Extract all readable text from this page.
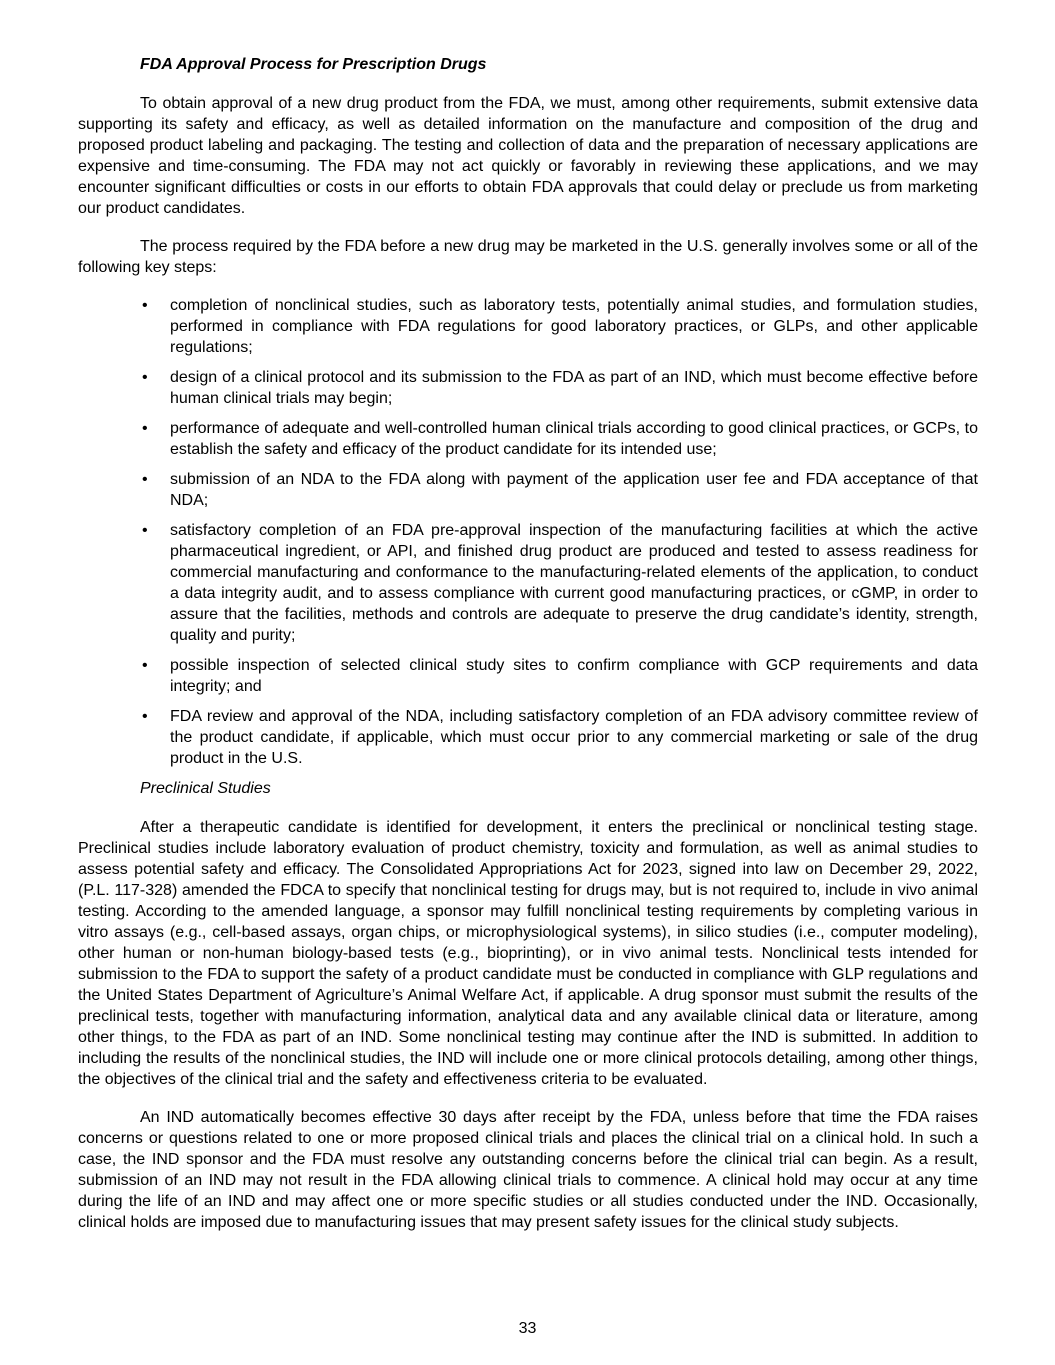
FDA Approval Process for Prescription Drugs

To obtain approval of a new drug product from the FDA, we must, among other requirements, submit extensive data supporting its safety and efficacy, as well as detailed information on the manufacture and composition of the drug and proposed product labeling and packaging. The testing and collection of data and the preparation of necessary applications are expensive and time-consuming. The FDA may not act quickly or favorably in reviewing these applications, and we may encounter significant difficulties or costs in our efforts to obtain FDA approvals that could delay or preclude us from marketing our product candidates.

The process required by the FDA before a new drug may be marketed in the U.S. generally involves some or all of the following key steps:

• completion of nonclinical studies, such as laboratory tests, potentially animal studies, and formulation studies, performed in compliance with FDA regulations for good laboratory practices, or GLPs, and other applicable regulations;
• design of a clinical protocol and its submission to the FDA as part of an IND, which must become effective before human clinical trials may begin;
• performance of adequate and well-controlled human clinical trials according to good clinical practices, or GCPs, to establish the safety and efficacy of the product candidate for its intended use;
• submission of an NDA to the FDA along with payment of the application user fee and FDA acceptance of that NDA;
• satisfactory completion of an FDA pre-approval inspection of the manufacturing facilities at which the active pharmaceutical ingredient, or API, and finished drug product are produced and tested to assess readiness for commercial manufacturing and conformance to the manufacturing-related elements of the application, to conduct a data integrity audit, and to assess compliance with current good manufacturing practices, or cGMP, in order to assure that the facilities, methods and controls are adequate to preserve the drug candidate’s identity, strength, quality and purity;
• possible inspection of selected clinical study sites to confirm compliance with GCP requirements and data integrity; and
• FDA review and approval of the NDA, including satisfactory completion of an FDA advisory committee review of the product candidate, if applicable, which must occur prior to any commercial marketing or sale of the drug product in the U.S.
Preclinical Studies

After a therapeutic candidate is identified for development, it enters the preclinical or nonclinical testing stage. Preclinical studies include laboratory evaluation of product chemistry, toxicity and formulation, as well as animal studies to assess potential safety and efficacy. The Consolidated Appropriations Act for 2023, signed into law on December 29, 2022, (P.L. 117-328) amended the FDCA to specify that nonclinical testing for drugs may, but is not required to, include in vivo animal testing. According to the amended language, a sponsor may fulfill nonclinical testing requirements by completing various in vitro assays (e.g., cell-based assays, organ chips, or microphysiological systems), in silico studies (i.e., computer modeling), other human or non-human biology-based tests (e.g., bioprinting), or in vivo animal tests. Nonclinical tests intended for submission to the FDA to support the safety of a product candidate must be conducted in compliance with GLP regulations and the United States Department of Agriculture’s Animal Welfare Act, if applicable. A drug sponsor must submit the results of the preclinical tests, together with manufacturing information, analytical data and any available clinical data or literature, among other things, to the FDA as part of an IND. Some nonclinical testing may continue after the IND is submitted. In addition to including the results of the nonclinical studies, the IND will include one or more clinical protocols detailing, among other things, the objectives of the clinical trial and the safety and effectiveness criteria to be evaluated.

An IND automatically becomes effective 30 days after receipt by the FDA, unless before that time the FDA raises concerns or questions related to one or more proposed clinical trials and places the clinical trial on a clinical hold. In such a case, the IND sponsor and the FDA must resolve any outstanding concerns before the clinical trial can begin. As a result, submission of an IND may not result in the FDA allowing clinical trials to commence. A clinical hold may occur at any time during the life of an IND and may affect one or more specific studies or all studies conducted under the IND. Occasionally, clinical holds are imposed due to manufacturing issues that may present safety issues for the clinical study subjects.

33
